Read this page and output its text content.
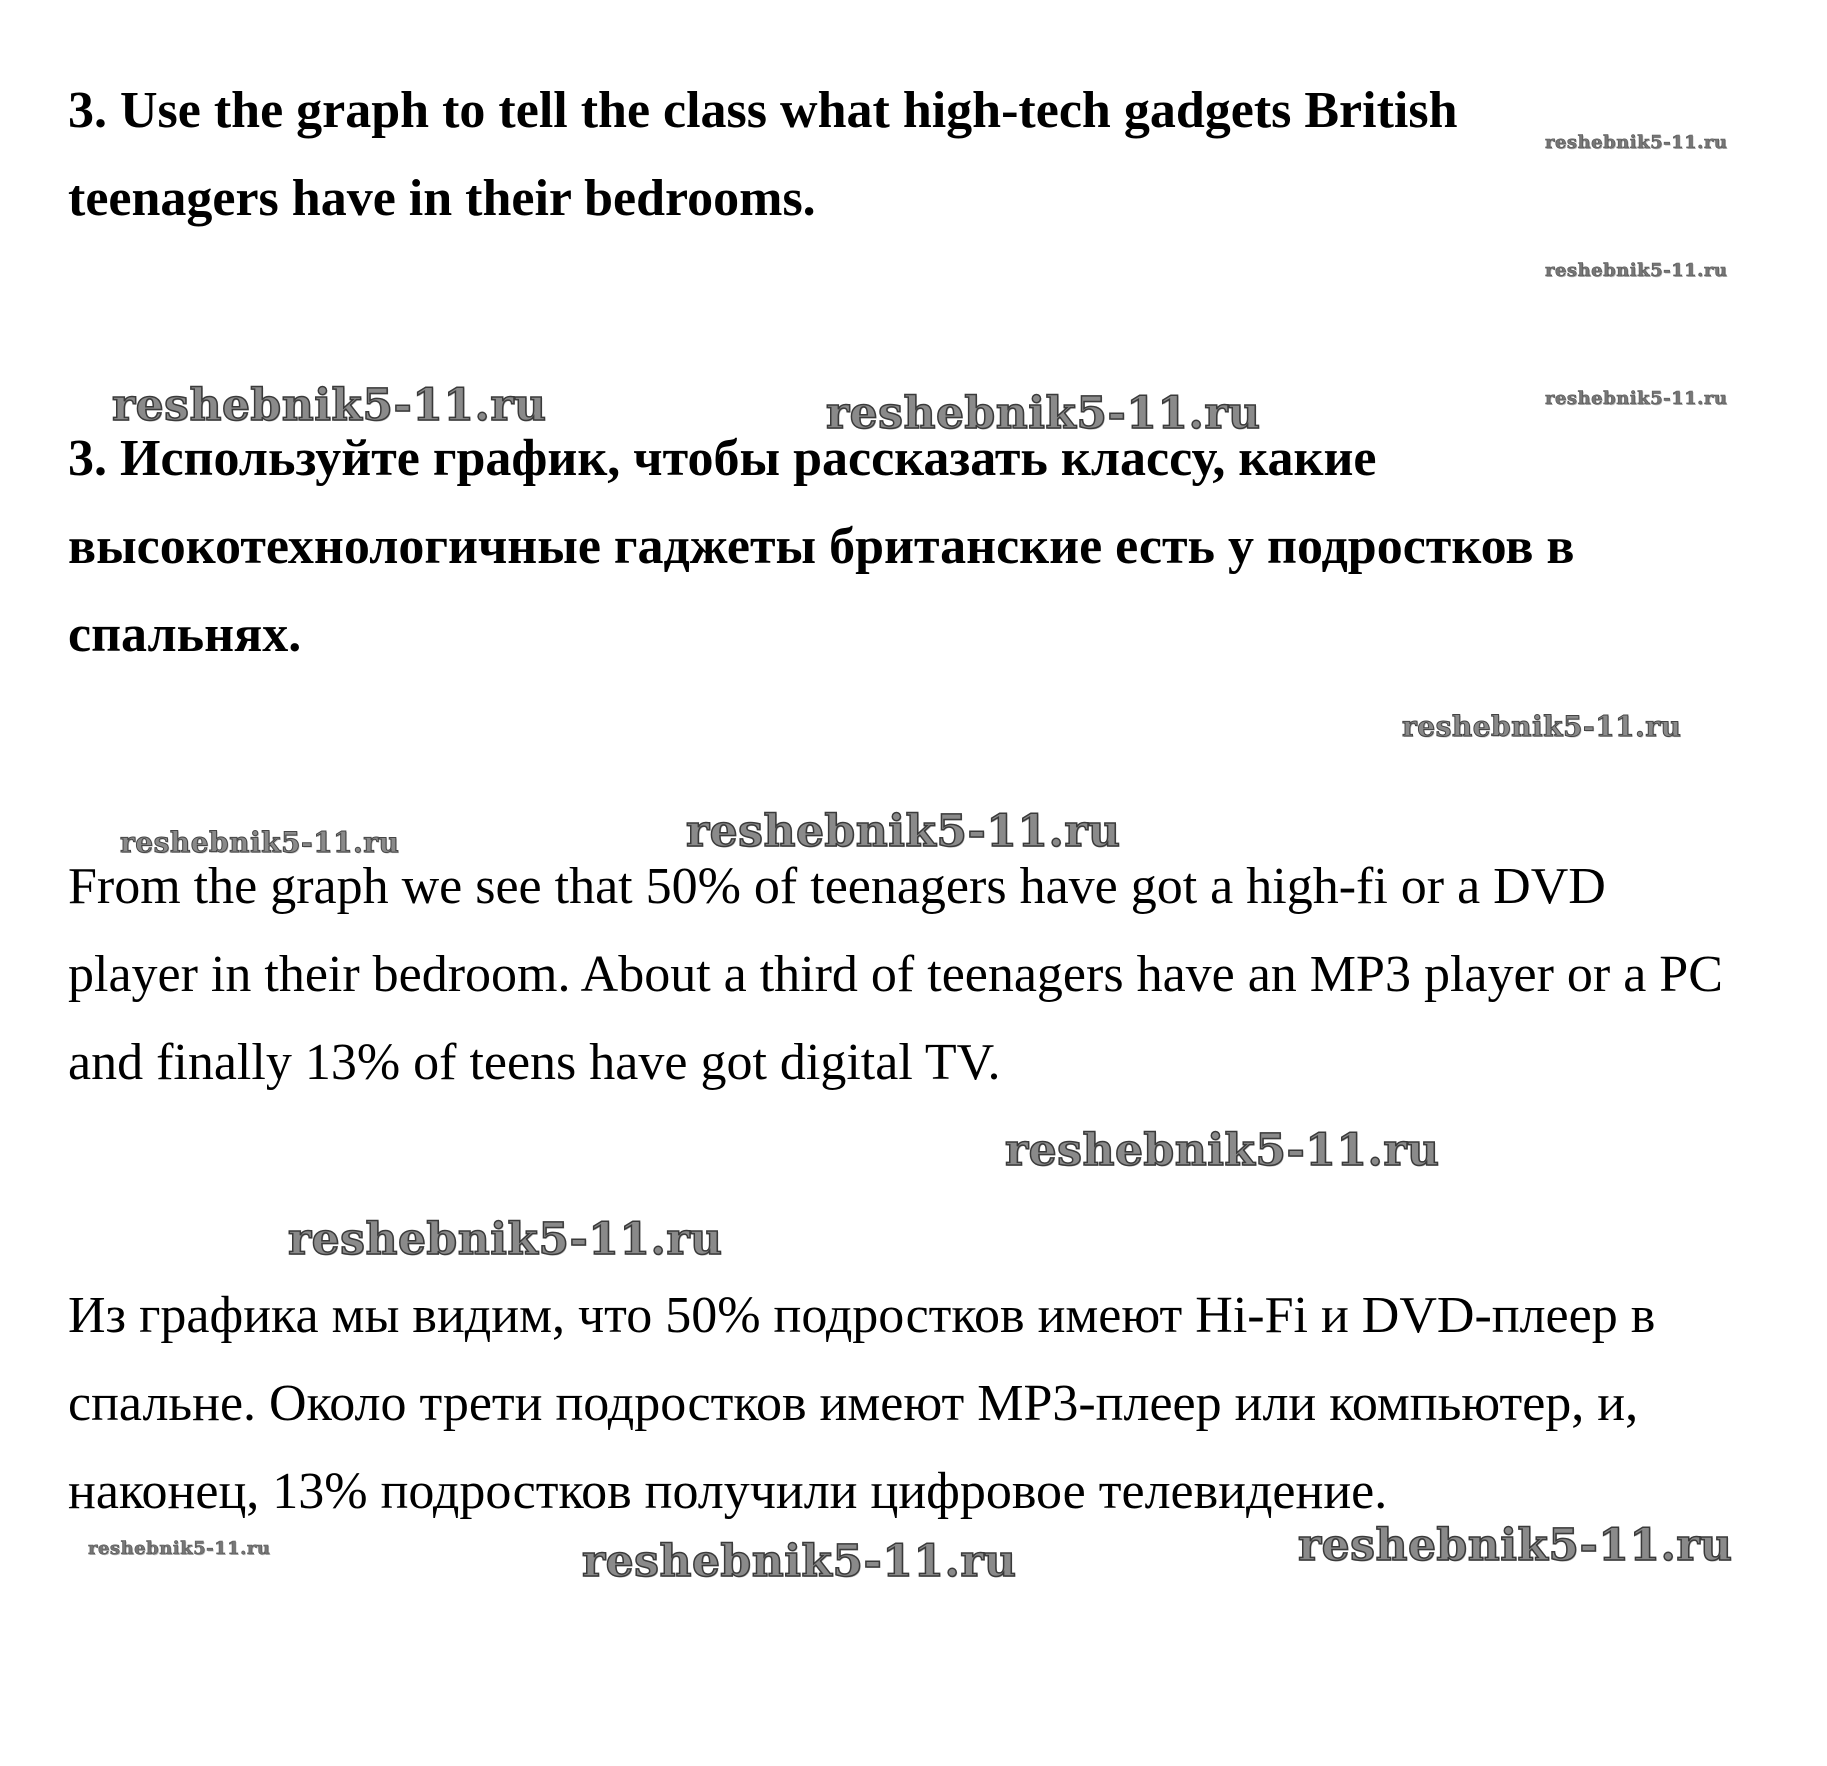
3. Use the graph to tell the class what high-tech gadgets British teenagers have in their bedrooms.

3. Используйте график, чтобы рассказать классу, какие высокотехнологичные гаджеты британские есть у подростков в спальнях.

From the graph we see that 50% of teenagers have got a high-fi or a DVD player in their bedroom. About a third of teenagers have an MP3 player or a PC and finally 13% of teens have got digital TV.

Из графика мы видим, что 50% подростков имеют Hi-Fi и DVD-плеер в спальне. Около трети подростков имеют MP3-плеер или компьютер, и, наконец, 13% подростков получили цифровое телевидение.

reshebnik5-11.ru
reshebnik5-11.ru
reshebnik5-11.ru
reshebnik5-11.ru	reshebnik5-11.ru
reshebnik5-11.ru
reshebnik5-11.ru	reshebnik5-11.ru
reshebnik5-11.ru
reshebnik5-11.ru
reshebnik5-11.ru	reshebnik5-11.ru	reshebnik5-11.ru
